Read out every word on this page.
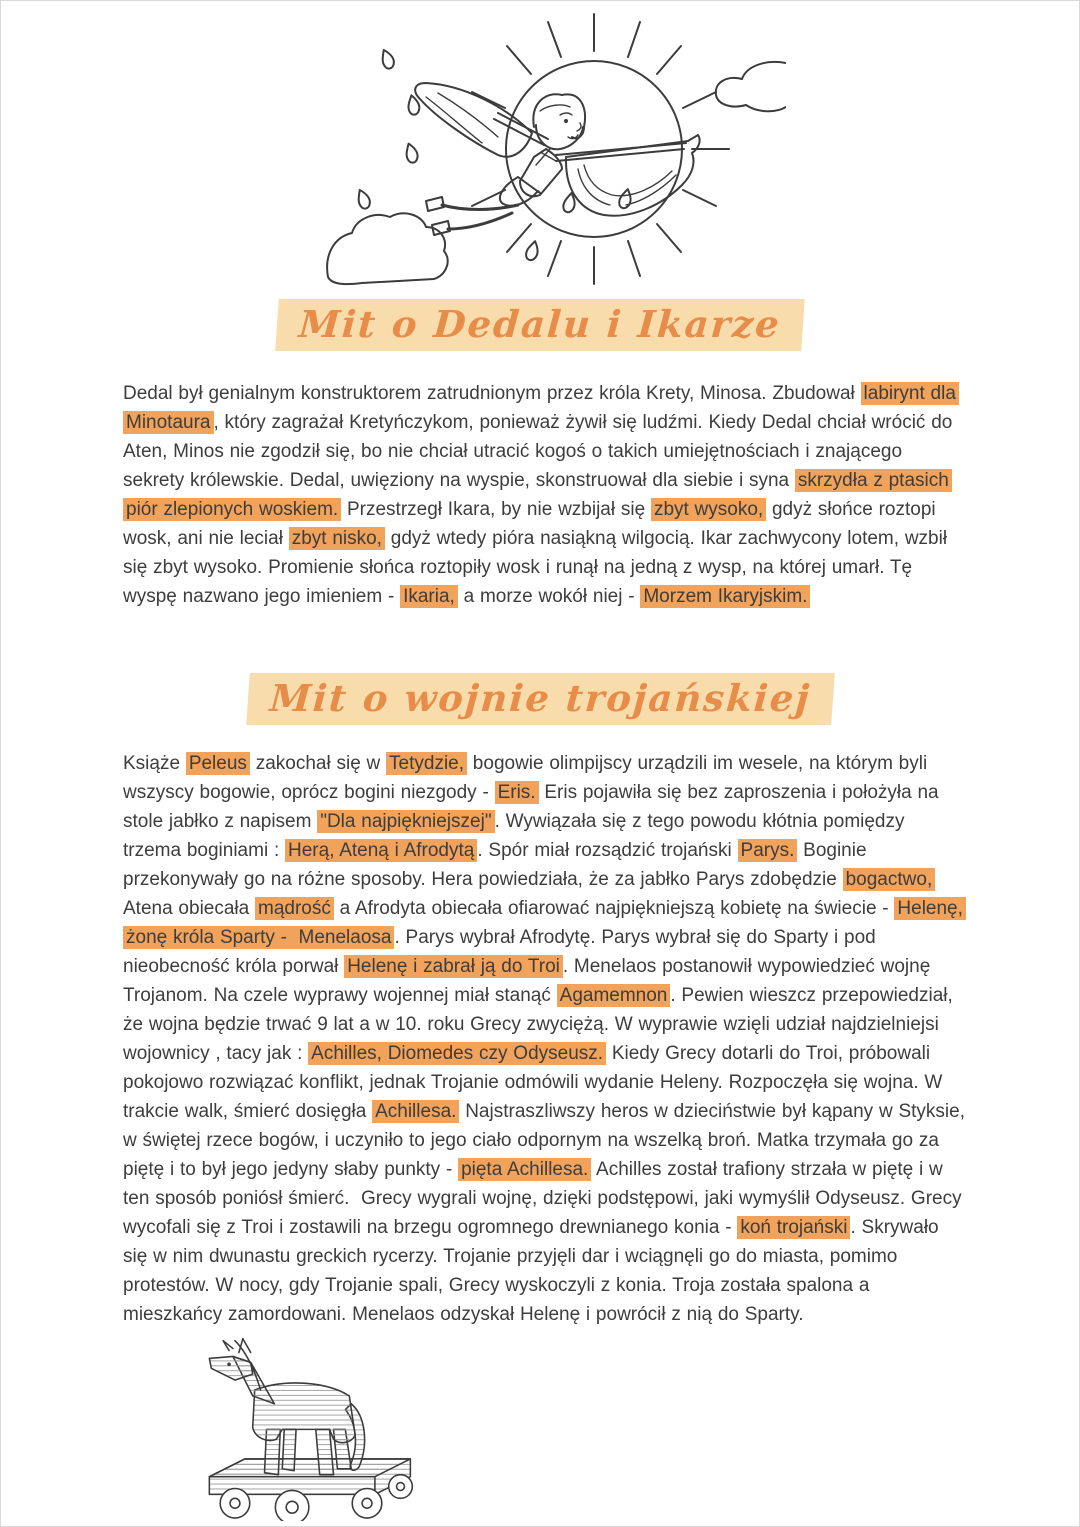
Mit o Dedalu i Ikarze

Dedal był genialnym konstruktorem zatrudnionym przez króla Krety, Minosa. Zbudował labirynt dla Minotaura , który zagrażał Kretyńczykom, ponieważ żywił się ludźmi. Kiedy Dedal chciał wrócić do Aten, Minos nie zgodził się, bo nie chciał utracić kogoś o takich umiejętnościach i znającego sekrety królewskie. Dedal, uwięziony na wyspie, skonstruował dla siebie i syna skrzydła z ptasich piór zlepionych woskiem. Przestrzegł Ikara, by nie wzbijał się zbyt wysoko, gdyż słońce roztopi wosk, ani nie leciał zbyt nisko, gdyż wtedy pióra nasiąkną wilgocią. Ikar zachwycony lotem, wzbił się zbyt wysoko. Promienie słońca roztopiły wosk i runął na jedną z wysp, na której umarł. Tę wyspę nazwano jego imieniem - Ikaria, a morze wokół niej - Morzem Ikaryjskim.

Mit o wojnie trojańskiej

Książe Peleus zakochał się w Tetydzie, bogowie olimpijscy urządzili im wesele, na którym byli wszyscy bogowie, oprócz bogini niezgody - Eris. Eris pojawiła się bez zaproszenia i położyła na stole jabłko z napisem "Dla najpiękniejszej" . Wywiązała się z tego powodu kłótnia pomiędzy trzema boginiami : Herą, Ateną i Afrodytą . Spór miał rozsądzić trojański Parys. Boginie przekonywały go na różne sposoby. Hera powiedziała, że za jabłko Parys zdobędzie bogactwo, Atena obiecała mądrość a Afrodyta obiecała ofiarować najpiękniejszą kobietę na świecie - Helenę, żonę króla Sparty -  Menelaosa . Parys wybrał Afrodytę. Parys wybrał się do Sparty i pod nieobecność króla porwał Helenę i zabrał ją do Troi . Menelaos postanowił wypowiedzieć wojnę Trojanom. Na czele wyprawy wojennej miał stanąć Agamemnon . Pewien wieszcz przepowiedział, że wojna będzie trwać 9 lat a w 10. roku Grecy zwyciężą. W wyprawie wzięli udział najdzielniejsi wojownicy , tacy jak : Achilles, Diomedes czy Odyseusz. Kiedy Grecy dotarli do Troi, próbowali pokojowo rozwiązać konflikt, jednak Trojanie odmówili wydanie Heleny. Rozpoczęła się wojna. W trakcie walk, śmierć dosięgła Achillesa. Najstraszliwszy heros w dzieciństwie był kąpany w Styksie, w świętej rzece bogów, i uczyniło to jego ciało odpornym na wszelką broń. Matka trzymała go za piętę i to był jego jedyny słaby punkty - pięta Achillesa. Achilles został trafiony strzała w piętę i w ten sposób poniósł śmierć.  Grecy wygrali wojnę, dzięki podstępowi, jaki wymyślił Odyseusz. Grecy wycofali się z Troi i zostawili na brzegu ogromnego drewnianego konia - koń trojański . Skrywało się w nim dwunastu greckich rycerzy. Trojanie przyjęli dar i wciągnęli go do miasta, pomimo protestów. W nocy, gdy Trojanie spali, Grecy wyskoczyli z konia. Troja została spalona a mieszkańcy zamordowani. Menelaos odzyskał Helenę i powrócił z nią do Sparty.
